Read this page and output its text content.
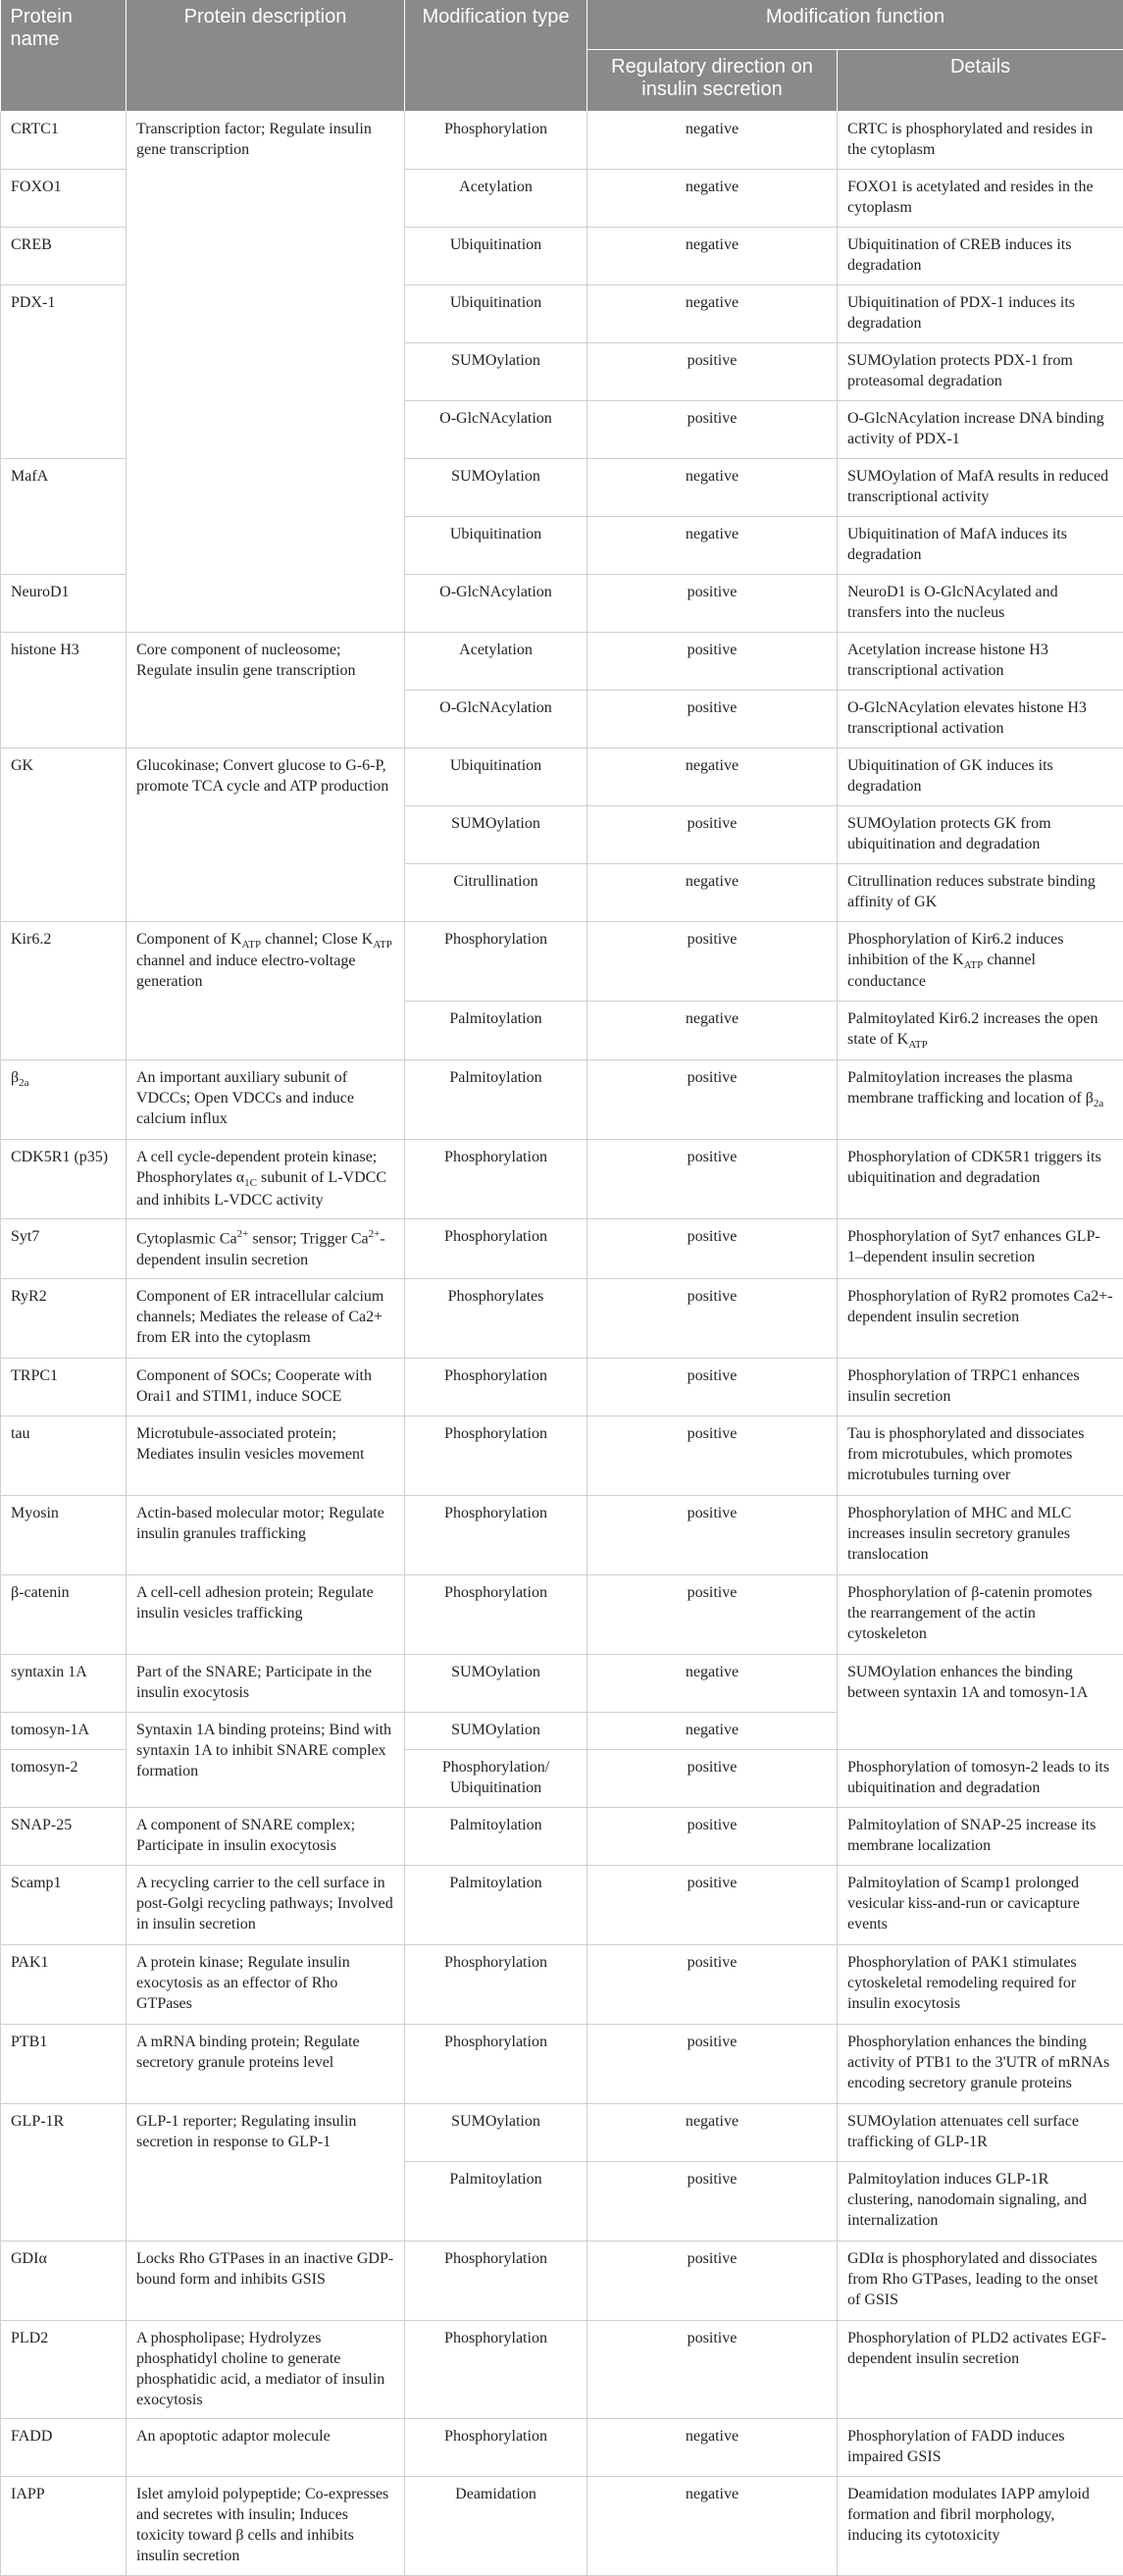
Protein name	Protein description	Modification type	Modification function	
			Regulatory direction on insulin secretion	Details
CRTC1	Transcription factor; Regulate insulin gene transcription	Phosphorylation	negative	CRTC is phosphorylated and resides in the cytoplasm
FOXO1		Acetylation	negative	FOXO1 is acetylated and resides in the cytoplasm
CREB		Ubiquitination	negative	Ubiquitination of CREB induces its degradation
PDX-1		Ubiquitination	negative	Ubiquitination of PDX-1 induces its degradation
		SUMOylation	positive	SUMOylation protects PDX-1 from proteasomal degradation
		O-GlcNAcylation	positive	O-GlcNAcylation increase DNA binding activity of PDX-1
MafA		SUMOylation	negative	SUMOylation of MafA results in reduced transcriptional activity
		Ubiquitination	negative	Ubiquitination of MafA induces its degradation
NeuroD1		O-GlcNAcylation	positive	NeuroD1 is O-GlcNAcylated and transfers into the nucleus
histone H3	Core component of nucleosome; Regulate insulin gene transcription	Acetylation	positive	Acetylation increase histone H3 transcriptional activation
		O-GlcNAcylation	positive	O-GlcNAcylation elevates histone H3 transcriptional activation
GK	Glucokinase; Convert glucose to G-6-P, promote TCA cycle and ATP production	Ubiquitination	negative	Ubiquitination of GK induces its degradation
		SUMOylation	positive	SUMOylation protects GK from ubiquitination and degradation
		Citrullination	negative	Citrullination reduces substrate binding affinity of GK
Kir6.2	Component of $K_{ATP}$ channel; Close $K_{ATP}$ channel and induce electro-voltage generation	Phosphorylation	positive	Phosphorylation of Kir6.2 induces inhibition of the $K_{ATP}$ channel conductance
		Palmitoylation	negative	Palmitoylated Kir6.2 increases the open state of $K_{ATP}$
$\beta_{2a}$	An important auxiliary subunit of VDCCs; Open VDCCs and induce calcium influx	Palmitoylation	positive	Palmitoylation increases the plasma membrane trafficking and location of $\beta_{2a}$
CDK5R1 (p35)	A cell cycle-dependent protein kinase; Phosphorylates $\alpha_{1C}$ subunit of L-VDCC and inhibits L-VDCC activity	Phosphorylation	positive	Phosphorylation of CDK5R1 triggers its ubiquitination and degradation
Syt7	Cytoplasmic $Ca^{2+}$ sensor; Trigger $Ca^{2+}$-dependent insulin secretion	Phosphorylation	positive	Phosphorylation of Syt7 enhances GLP-1–dependent insulin secretion
RyR2	Component of ER intracellular calcium channels; Mediates the release of Ca2+ from ER into the cytoplasm	Phosphorylates	positive	Phosphorylation of RyR2 promotes Ca2+-dependent insulin secretion
TRPC1	Component of SOCs; Cooperate with Orai1 and STIM1, induce SOCE	Phosphorylation	positive	Phosphorylation of TRPC1 enhances insulin secretion
tau	Microtubule-associated protein; Mediates insulin vesicles movement	Phosphorylation	positive	Tau is phosphorylated and dissociates from microtubules, which promotes microtubules turning over
Myosin	Actin-based molecular motor; Regulate insulin granules trafficking	Phosphorylation	positive	Phosphorylation of MHC and MLC increases insulin secretory granules translocation
β-catenin	A cell-cell adhesion protein; Regulate insulin vesicles trafficking	Phosphorylation	positive	Phosphorylation of β-catenin promotes the rearrangement of the actin cytoskeleton
syntaxin 1A	Part of the SNARE; Participate in the insulin exocytosis	SUMOylation	negative	SUMOylation enhances the binding between syntaxin 1A and tomosyn-1A
tomosyn-1A	Syntaxin 1A binding proteins; Bind with syntaxin 1A to inhibit SNARE complex formation	SUMOylation	negative	
tomosyn-2		Phosphorylation/ Ubiquitination	positive	Phosphorylation of tomosyn-2 leads to its ubiquitination and degradation
SNAP-25	A component of SNARE complex; Participate in insulin exocytosis	Palmitoylation	positive	Palmitoylation of SNAP-25 increase its membrane localization
Scamp1	A recycling carrier to the cell surface in post-Golgi recycling pathways; Involved in insulin secretion	Palmitoylation	positive	Palmitoylation of Scamp1 prolonged vesicular kiss-and-run or cavicapture events
PAK1	A protein kinase; Regulate insulin exocytosis as an effector of Rho GTPases	Phosphorylation	positive	Phosphorylation of PAK1 stimulates cytoskeletal remodeling required for insulin exocytosis
PTB1	A mRNA binding protein; Regulate secretory granule proteins level	Phosphorylation	positive	Phosphorylation enhances the binding activity of PTB1 to the 3'UTR of mRNAs encoding secretory granule proteins
GLP-1R	GLP-1 reporter; Regulating insulin secretion in response to GLP-1	SUMOylation	negative	SUMOylation attenuates cell surface trafficking of GLP-1R
		Palmitoylation	positive	Palmitoylation induces GLP-1R clustering, nanodomain signaling, and internalization
GDIα	Locks Rho GTPases in an inactive GDP-bound form and inhibits GSIS	Phosphorylation	positive	GDIα is phosphorylated and dissociates from Rho GTPases, leading to the onset of GSIS
PLD2	A phospholipase; Hydrolyzes phosphatidyl choline to generate phosphatidic acid, a mediator of insulin exocytosis	Phosphorylation	positive	Phosphorylation of PLD2 activates EGF-dependent insulin secretion
FADD	An apoptotic adaptor molecule	Phosphorylation	negative	Phosphorylation of FADD induces impaired GSIS
IAPP	Islet amyloid polypeptide; Co-expresses and secretes with insulin; Induces toxicity toward β cells and inhibits insulin secretion	Deamidation	negative	Deamidation modulates IAPP amyloid formation and fibril morphology, inducing its cytotoxicity
